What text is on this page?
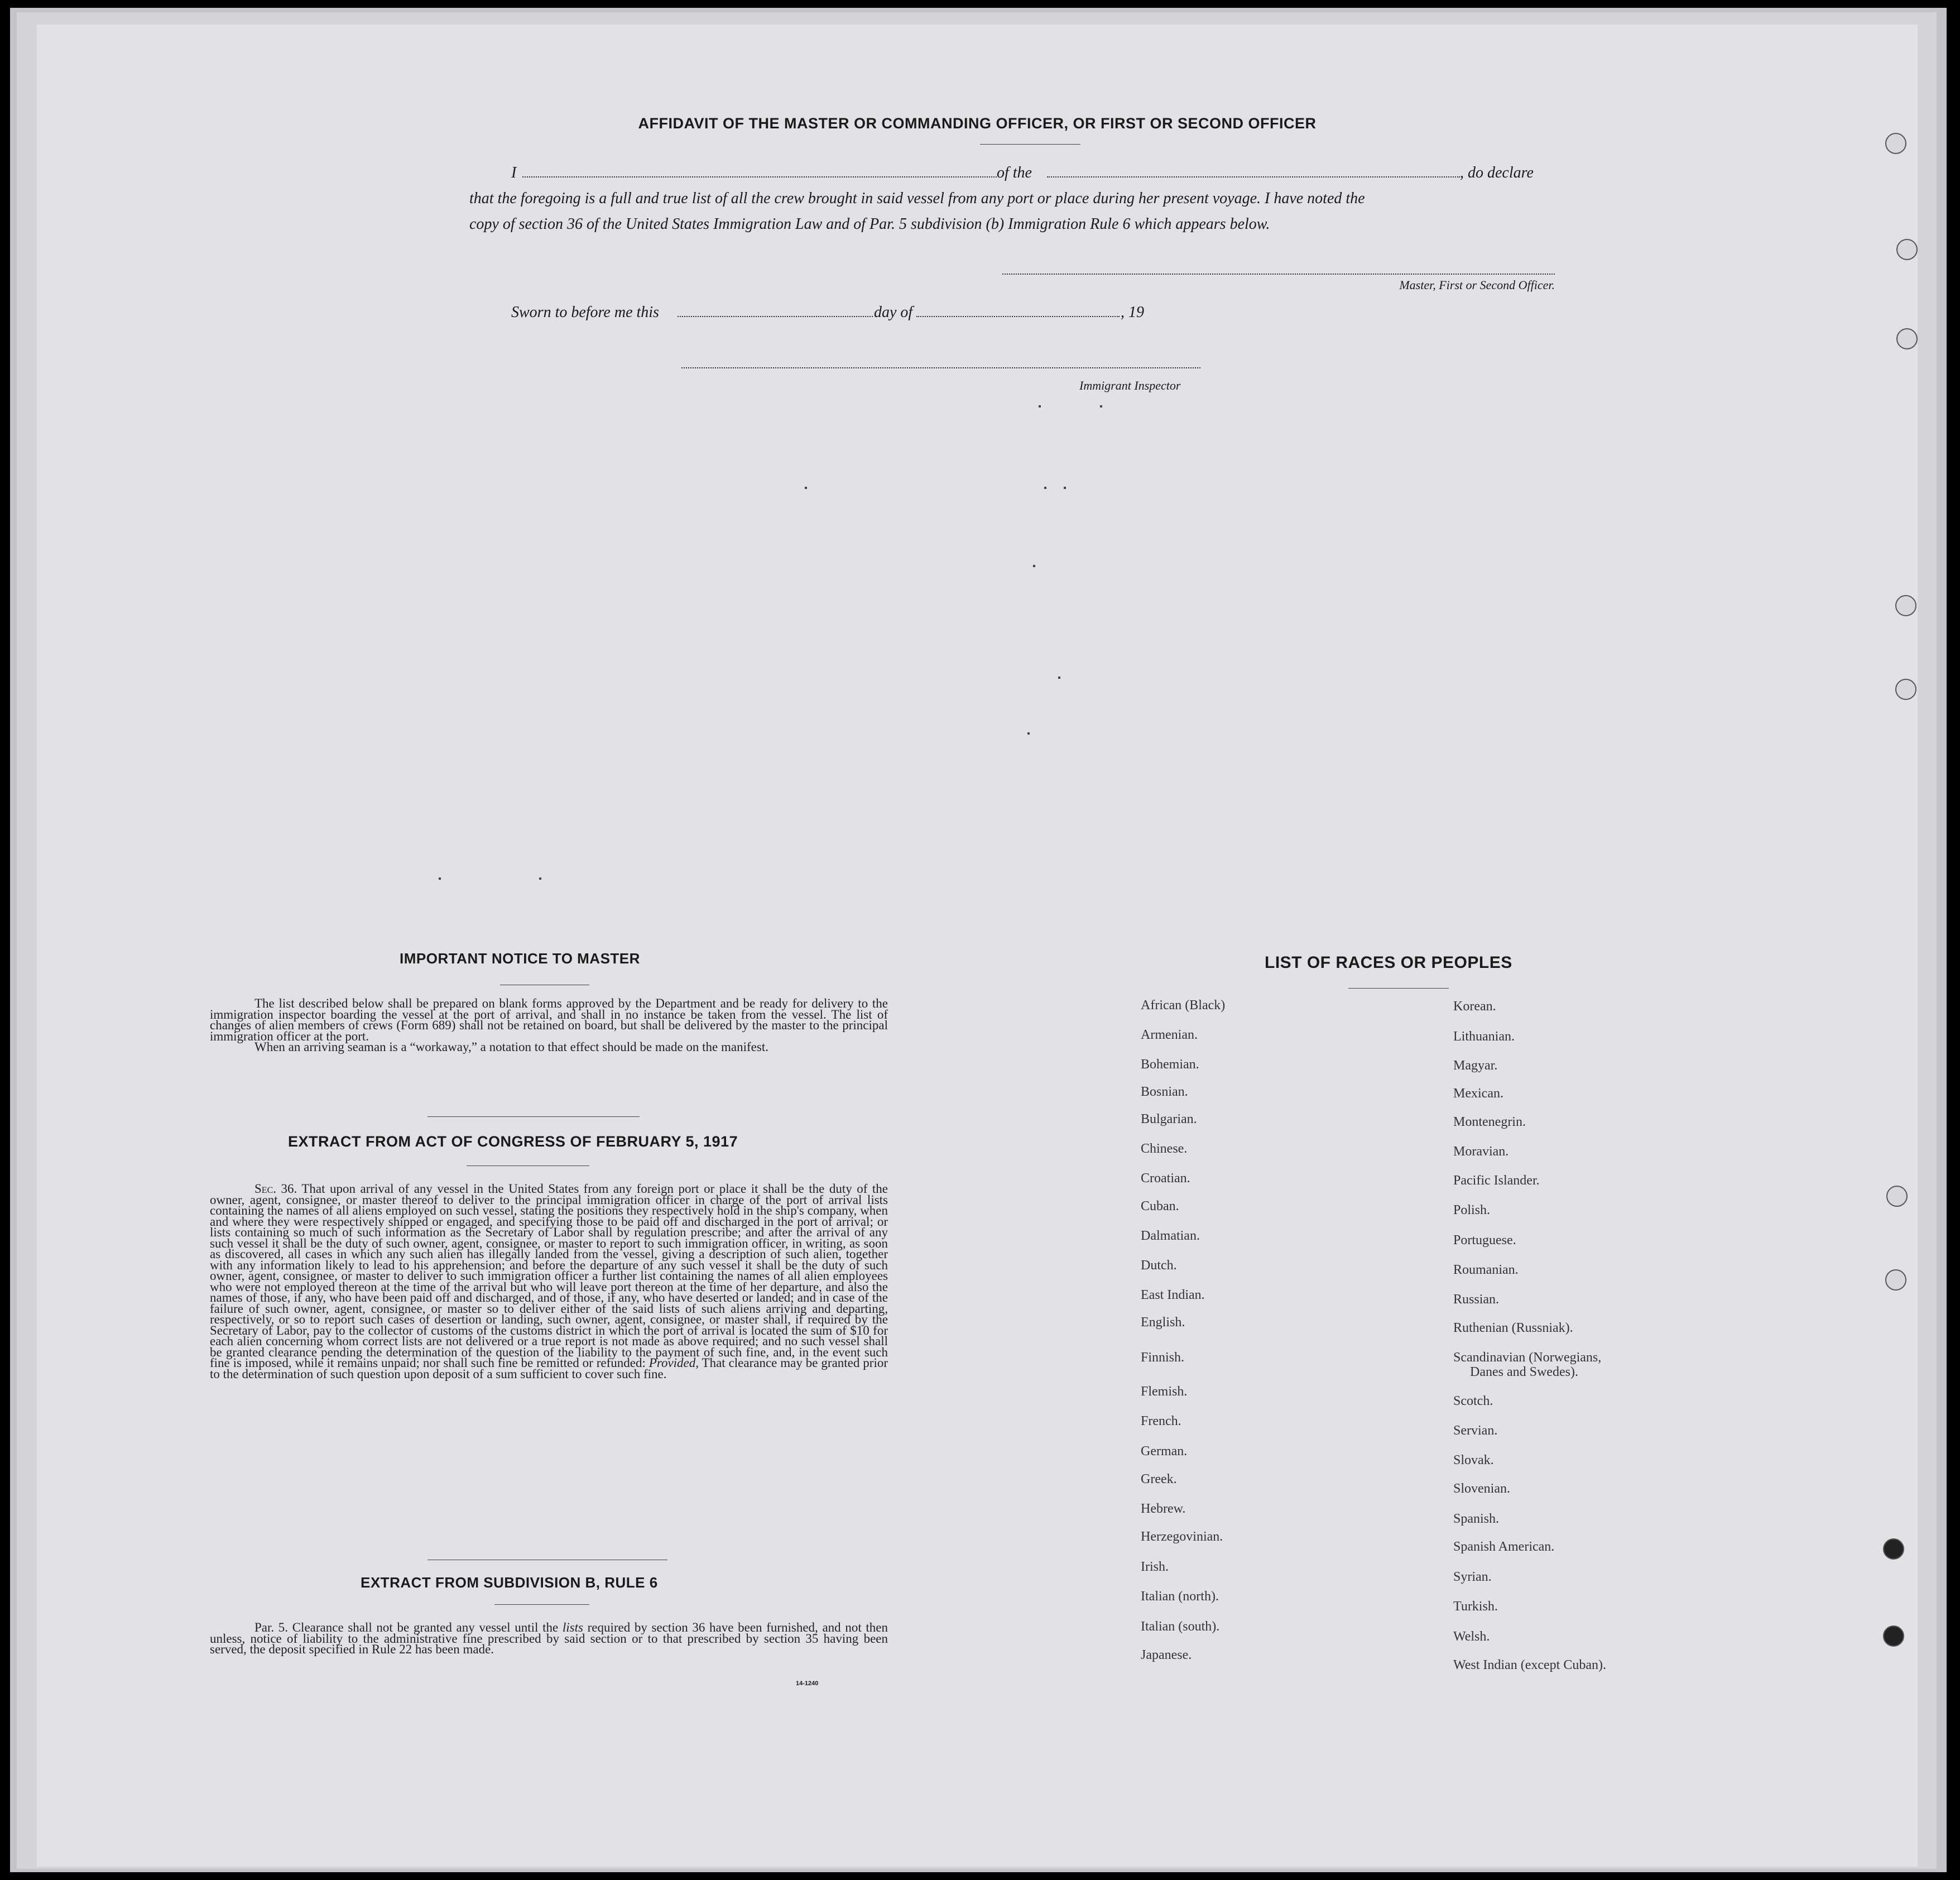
AFFIDAVIT OF THE MASTER OR COMMANDING OFFICER, OR FIRST OR SECOND OFFICER
I	of the	, do declare
that the foregoing is a full and true list of all the crew brought in said vessel from any port or place during her present voyage. I have noted the
copy of section 36 of the United States Immigration Law and of Par. 5 subdivision (b) Immigration Rule 6 which appears below.
Master, First or Second Officer.
Sworn to before me this	day of	, 19
Immigrant Inspector
IMPORTANT NOTICE TO MASTER

The list described below shall be prepared on blank forms approved by the Department and be ready for delivery to the immigration inspector boarding the vessel at the port of arrival, and shall in no instance be taken from the vessel. The list of changes of alien members of crews (Form 689) shall not be retained on board, but shall be delivered by the master to the principal immigration officer at the port.

When an arriving seaman is a “workaway,” a notation to that effect should be made on the manifest.

EXTRACT FROM ACT OF CONGRESS OF FEBRUARY 5, 1917

Sec. 36. That upon arrival of any vessel in the United States from any foreign port or place it shall be the duty of the owner, agent, consignee, or master thereof to deliver to the principal immigration officer in charge of the port of arrival lists containing the names of all aliens employed on such vessel, stating the positions they respectively hold in the ship's company, when and where they were respectively shipped or engaged, and specifying those to be paid off and discharged in the port of arrival; or lists containing so much of such information as the Secretary of Labor shall by regulation prescribe; and after the arrival of any such vessel it shall be the duty of such owner, agent, consignee, or master to report to such immigration officer, in writing, as soon as discovered, all cases in which any such alien has illegally landed from the vessel, giving a description of such alien, together with any information likely to lead to his apprehension; and before the departure of any such vessel it shall be the duty of such owner, agent, consignee, or master to deliver to such immigration officer a further list containing the names of all alien employees who were not employed thereon at the time of the arrival but who will leave port thereon at the time of her departure, and also the names of those, if any, who have been paid off and discharged, and of those, if any, who have deserted or landed; and in case of the failure of such owner, agent, consignee, or master so to deliver either of the said lists of such aliens arriving and departing, respectively, or so to report such cases of desertion or landing, such owner, agent, consignee, or master shall, if required by the Secretary of Labor, pay to the collector of customs of the customs district in which the port of arrival is located the sum of $10 for each alien concerning whom correct lists are not delivered or a true report is not made as above required; and no such vessel shall be granted clearance pending the determination of the question of the liability to the payment of such fine, and, in the event such fine is imposed, while it remains unpaid; nor shall such fine be remitted or refunded: Provided, That clearance may be granted prior to the determination of such question upon deposit of a sum sufficient to cover such fine.

EXTRACT FROM SUBDIVISION B, RULE 6

Par. 5. Clearance shall not be granted any vessel until the lists required by section 36 have been furnished, and not then unless, notice of liability to the administrative fine prescribed by said section or to that prescribed by section 35 having been served, the deposit specified in Rule 22 has been made.

14-1240
LIST OF RACES OR PEOPLES
African (Black)
Armenian.
Bohemian.
Bosnian.
Bulgarian.
Chinese.
Croatian.
Cuban.
Dalmatian.
Dutch.
East Indian.
English.
Finnish.
Flemish.
French.
German.
Greek.
Hebrew.
Herzegovinian.
Irish.
Italian (north).
Italian (south).
Japanese.
Korean.
Lithuanian.
Magyar.
Mexican.
Montenegrin.
Moravian.
Pacific Islander.
Polish.
Portuguese.
Roumanian.
Russian.
Ruthenian (Russniak).
Scandinavian (Norwegians,
Danes and Swedes).
Scotch.
Servian.
Slovak.
Slovenian.
Spanish.
Spanish American.
Syrian.
Turkish.
Welsh.
West Indian (except Cuban).
